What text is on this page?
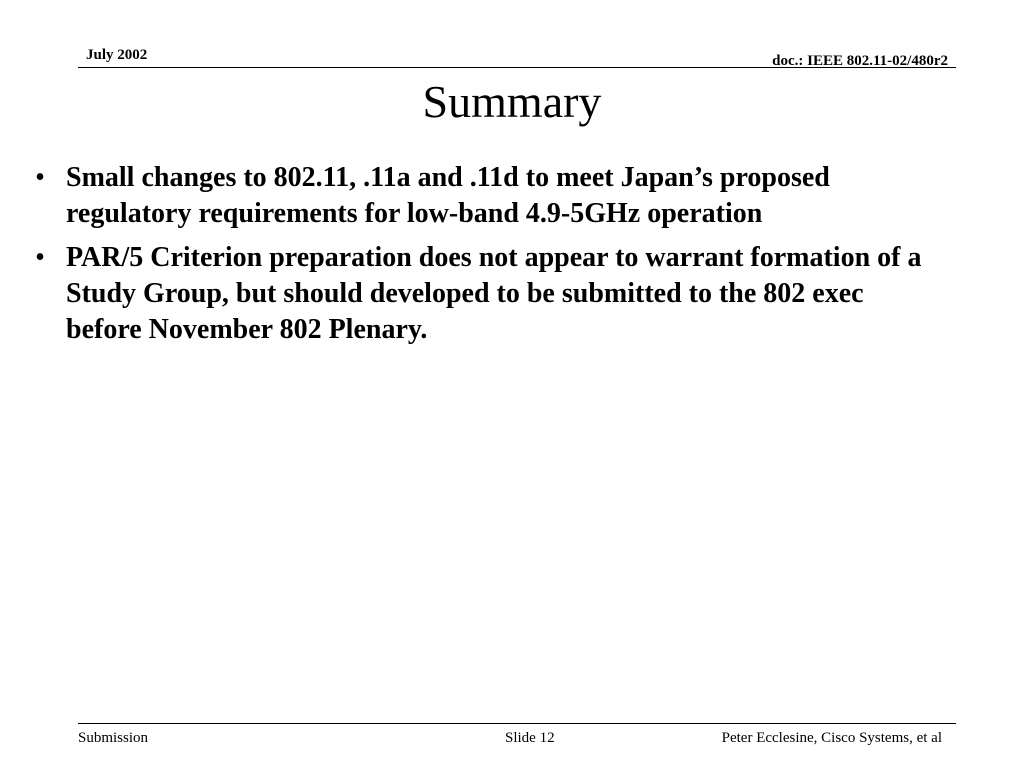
July 2002	doc.: IEEE 802.11-02/480r2
Summary
• Small changes to 802.11, .11a and .11d to meet Japan’s proposed regulatory requirements for low-band 4.9-5GHz operation
• PAR/5 Criterion preparation does not appear to warrant formation of a Study Group, but should developed to be submitted to the 802 exec before November 802 Plenary.
Submission	Slide 12	Peter Ecclesine, Cisco Systems, et al
